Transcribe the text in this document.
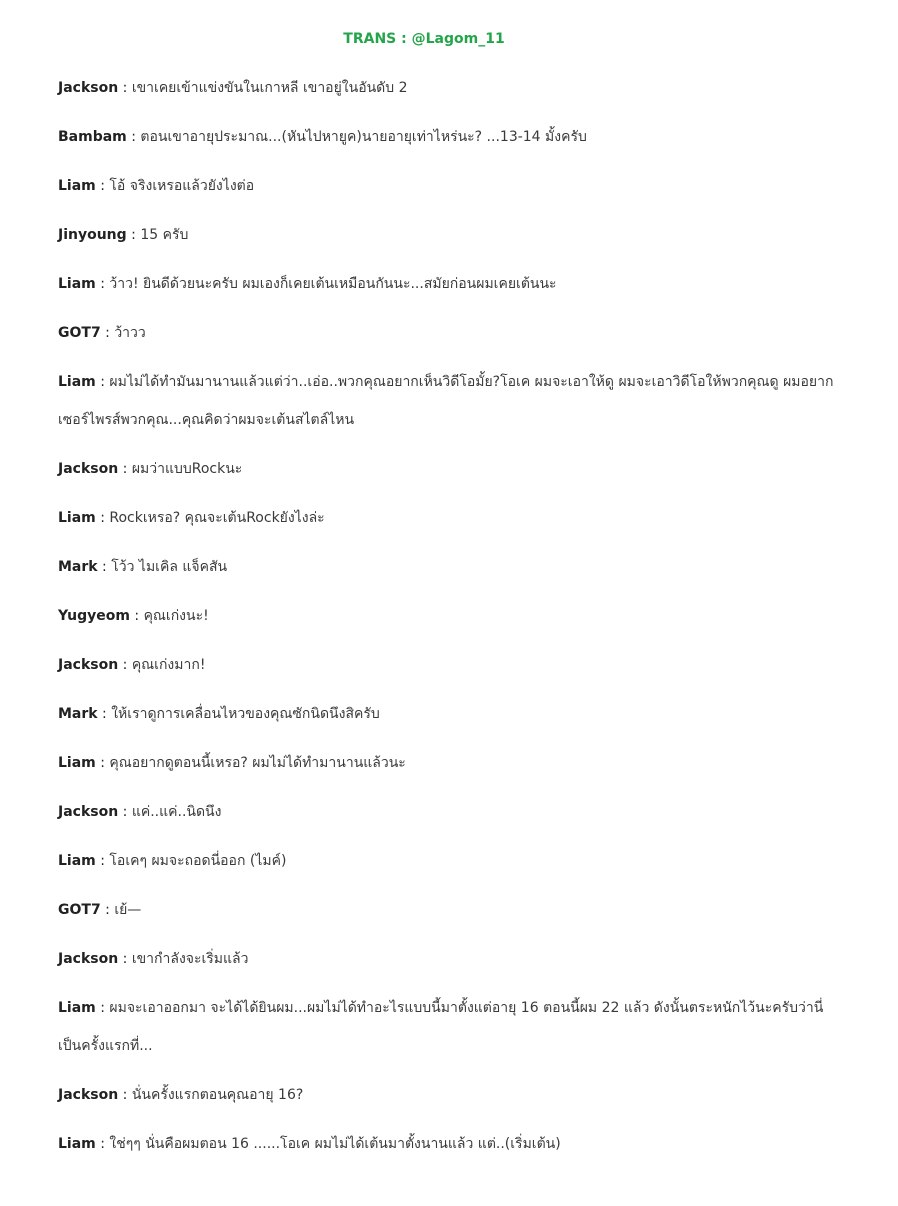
TRANS : @Lagom_11
Jackson : เขาเคยเข้าแข่งขันในเกาหลี เขาอยู่ในอันดับ 2
Bambam : ตอนเขาอายุประมาณ...(หันไปหายูค)นายอายุเท่าไหร่นะ? ...13-14 มั้งครับ
Liam : โอ้ จริงเหรอแล้วยังไงต่อ
Jinyoung : 15 ครับ
Liam : ว้าว! ยินดีด้วยนะครับ ผมเองก็เคยเต้นเหมือนกันนะ...สมัยก่อนผมเคยเต้นนะ
GOT7 : ว้าวว
Liam : ผมไม่ได้ทำมันมานานแล้วแต่ว่า..เอ่อ..พวกคุณอยากเห็นวิดีโอมั้ย?โอเค ผมจะเอาให้ดู ผมจะเอาวิดีโอให้พวกคุณดู ผมอยากเซอร์ไพรส์พวกคุณ...คุณคิดว่าผมจะเต้นสไตล์ไหน
Jackson : ผมว่าแบบRockนะ
Liam : Rockเหรอ? คุณจะเต้นRockยังไงล่ะ
Mark : โว้ว ไมเคิล แจ็คสัน
Yugyeom : คุณเก่งนะ!
Jackson : คุณเก่งมาก!
Mark : ให้เราดูการเคลื่อนไหวของคุณซักนิดนึงสิครับ
Liam : คุณอยากดูตอนนี้เหรอ? ผมไม่ได้ทำมานานแล้วนะ
Jackson : แค่..แค่..นิดนึง
Liam : โอเคๆ ผมจะถอดนี่ออก (ไมค์)
GOT7 : เย้—
Jackson : เขากำลังจะเริ่มแล้ว
Liam : ผมจะเอาออกมา จะได้ได้ยินผม...ผมไม่ได้ทำอะไรแบบนี้มาตั้งแต่อายุ 16 ตอนนี้ผม 22 แล้ว ดังนั้นตระหนักไว้นะครับว่านี่เป็นครั้งแรกที่...
Jackson : นั่นครั้งแรกตอนคุณอายุ 16?
Liam : ใช่ๆๆ นั่นคือผมตอน 16 ......โอเค ผมไม่ได้เต้นมาตั้งนานแล้ว แต่..(เริ่มเต้น)
